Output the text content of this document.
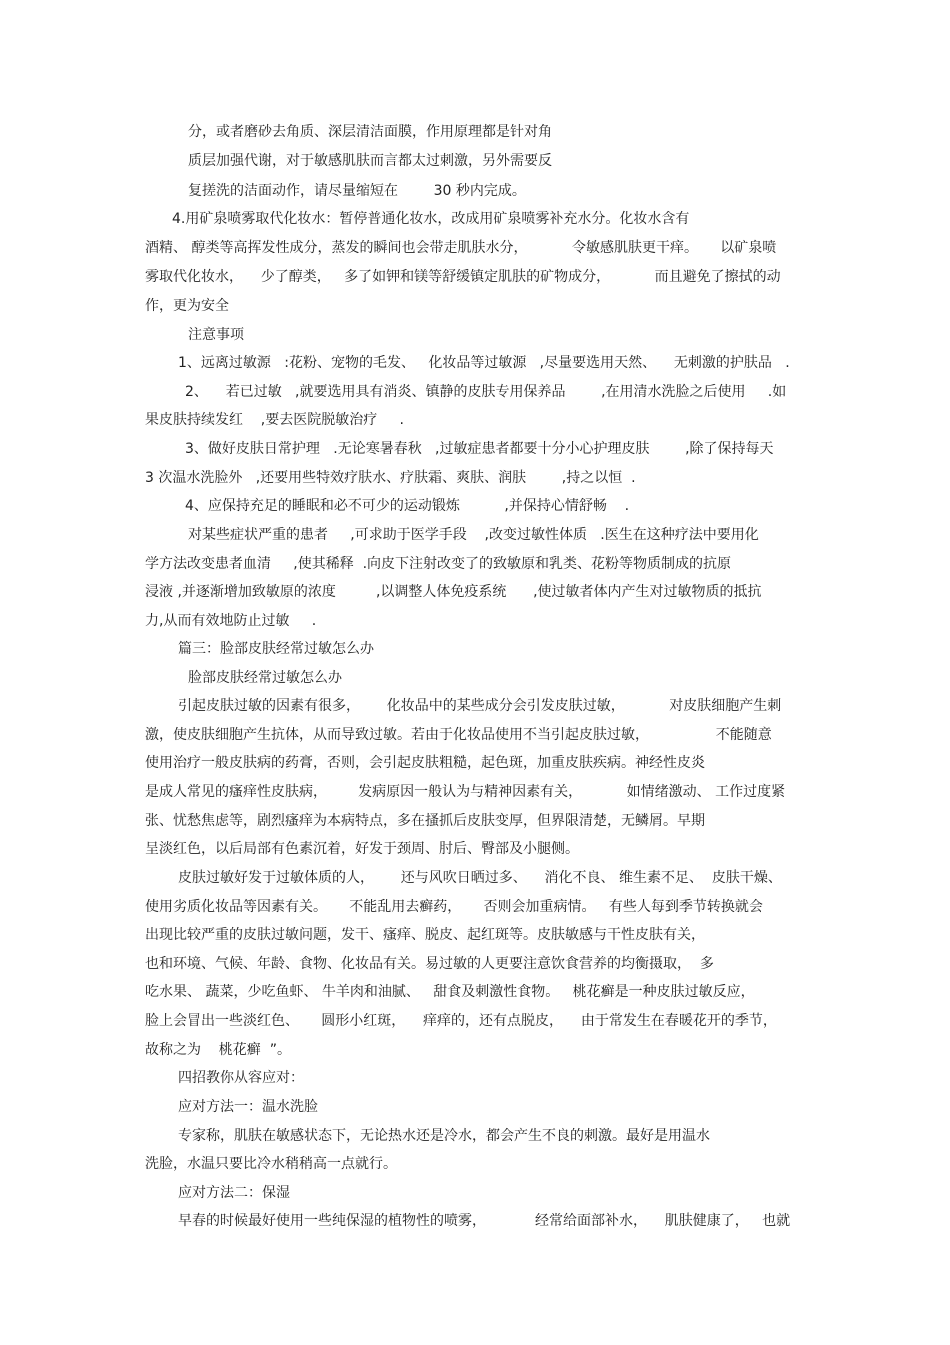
分，或者磨砂去角质、深层清洁面膜，作用原理都是针对角

质层加强代谢，对于敏感肌肤而言都太过刺激，另外需要反

复搓洗的洁面动作，请尽量缩短在        30 秒内完成。

4.用矿泉喷雾取代化妆水：暂停普通化妆水，改成用矿泉喷雾补充水分。化妆水含有

酒精、 醇类等高挥发性成分，蒸发的瞬间也会带走肌肤水分，          令敏感肌肤更干痒。     以矿泉喷

雾取代化妆水，    少了醇类，   多了如钾和镁等舒缓镇定肌肤的矿物成分，          而且避免了擦拭的动

作，更为安全

注意事项

1、远离过敏源   :花粉、宠物的毛发、   化妆品等过敏源   ,尽量要选用天然、    无刺激的护肤品   .

2、    若已过敏   ,就要选用具有消炎、镇静的皮肤专用保养品        ,在用清水洗脸之后使用     .如

果皮肤持续发红    ,要去医院脱敏治疗     .

3、做好皮肤日常护理   .无论寒暑春秋   ,过敏症患者都要十分小心护理皮肤        ,除了保持每天

3 次温水洗脸外   ,还要用些特效疗肤水、疗肤霜、爽肤、润肤        ,持之以恒  .

4、应保持充足的睡眠和必不可少的运动锻炼          ,并保持心情舒畅    .

对某些症状严重的患者     ,可求助于医学手段    ,改变过敏性体质   .医生在这种疗法中要用化

学方法改变患者血清     ,使其稀释  .向皮下注射改变了的致敏原和乳类、花粉等物质制成的抗原

浸液 ,并逐渐增加致敏原的浓度         ,以调整人体免疫系统      ,使过敏者体内产生对过敏物质的抵抗

力,从而有效地防止过敏     .

篇三：脸部皮肤经常过敏怎么办

脸部皮肤经常过敏怎么办

引起皮肤过敏的因素有很多，      化妆品中的某些成分会引发皮肤过敏，          对皮肤细胞产生刺

激，使皮肤细胞产生抗体，从而导致过敏。若由于化妆品使用不当引起皮肤过敏，               不能随意

使用治疗一般皮肤病的药膏，否则，会引起皮肤粗糙，起色斑，加重皮肤疾病。神经性皮炎

是成人常见的瘙痒性皮肤病，       发病原因一般认为与精神因素有关，          如情绪激动、 工作过度紧

张、忧愁焦虑等，剧烈瘙痒为本病特点，多在搔抓后皮肤变厚，但界限清楚，无鳞屑。早期

呈淡红色，以后局部有色素沉着，好发于颈周、肘后、臀部及小腿侧。

皮肤过敏好发于过敏体质的人，      还与风吹日晒过多、    消化不良、 维生素不足、  皮肤干燥、

使用劣质化妆品等因素有关。     不能乱用去癣药，     否则会加重病情。   有些人每到季节转换就会

出现比较严重的皮肤过敏问题，发干、瘙痒、脱皮、起红斑等。皮肤敏感与干性皮肤有关，

也和环境、气候、年龄、食物、化妆品有关。易过敏的人更要注意饮食营养的均衡摄取，  多

吃水果、 蔬菜，少吃鱼虾、 牛羊肉和油腻、   甜食及刺激性食物。   桃花癣是一种皮肤过敏反应，

脸上会冒出一些淡红色、     圆形小红斑，    痒痒的，还有点脱皮，    由于常发生在春暖花开的季节，

故称之为    桃花癣  ”。

四招教你从容应对：

应对方法一：温水洗脸

专家称，肌肤在敏感状态下，无论热水还是冷水，都会产生不良的刺激。最好是用温水

洗脸，水温只要比冷水稍稍高一点就行。

应对方法二：保湿

早春的时候最好使用一些纯保湿的植物性的喷雾，           经常给面部补水，    肌肤健康了，   也就
